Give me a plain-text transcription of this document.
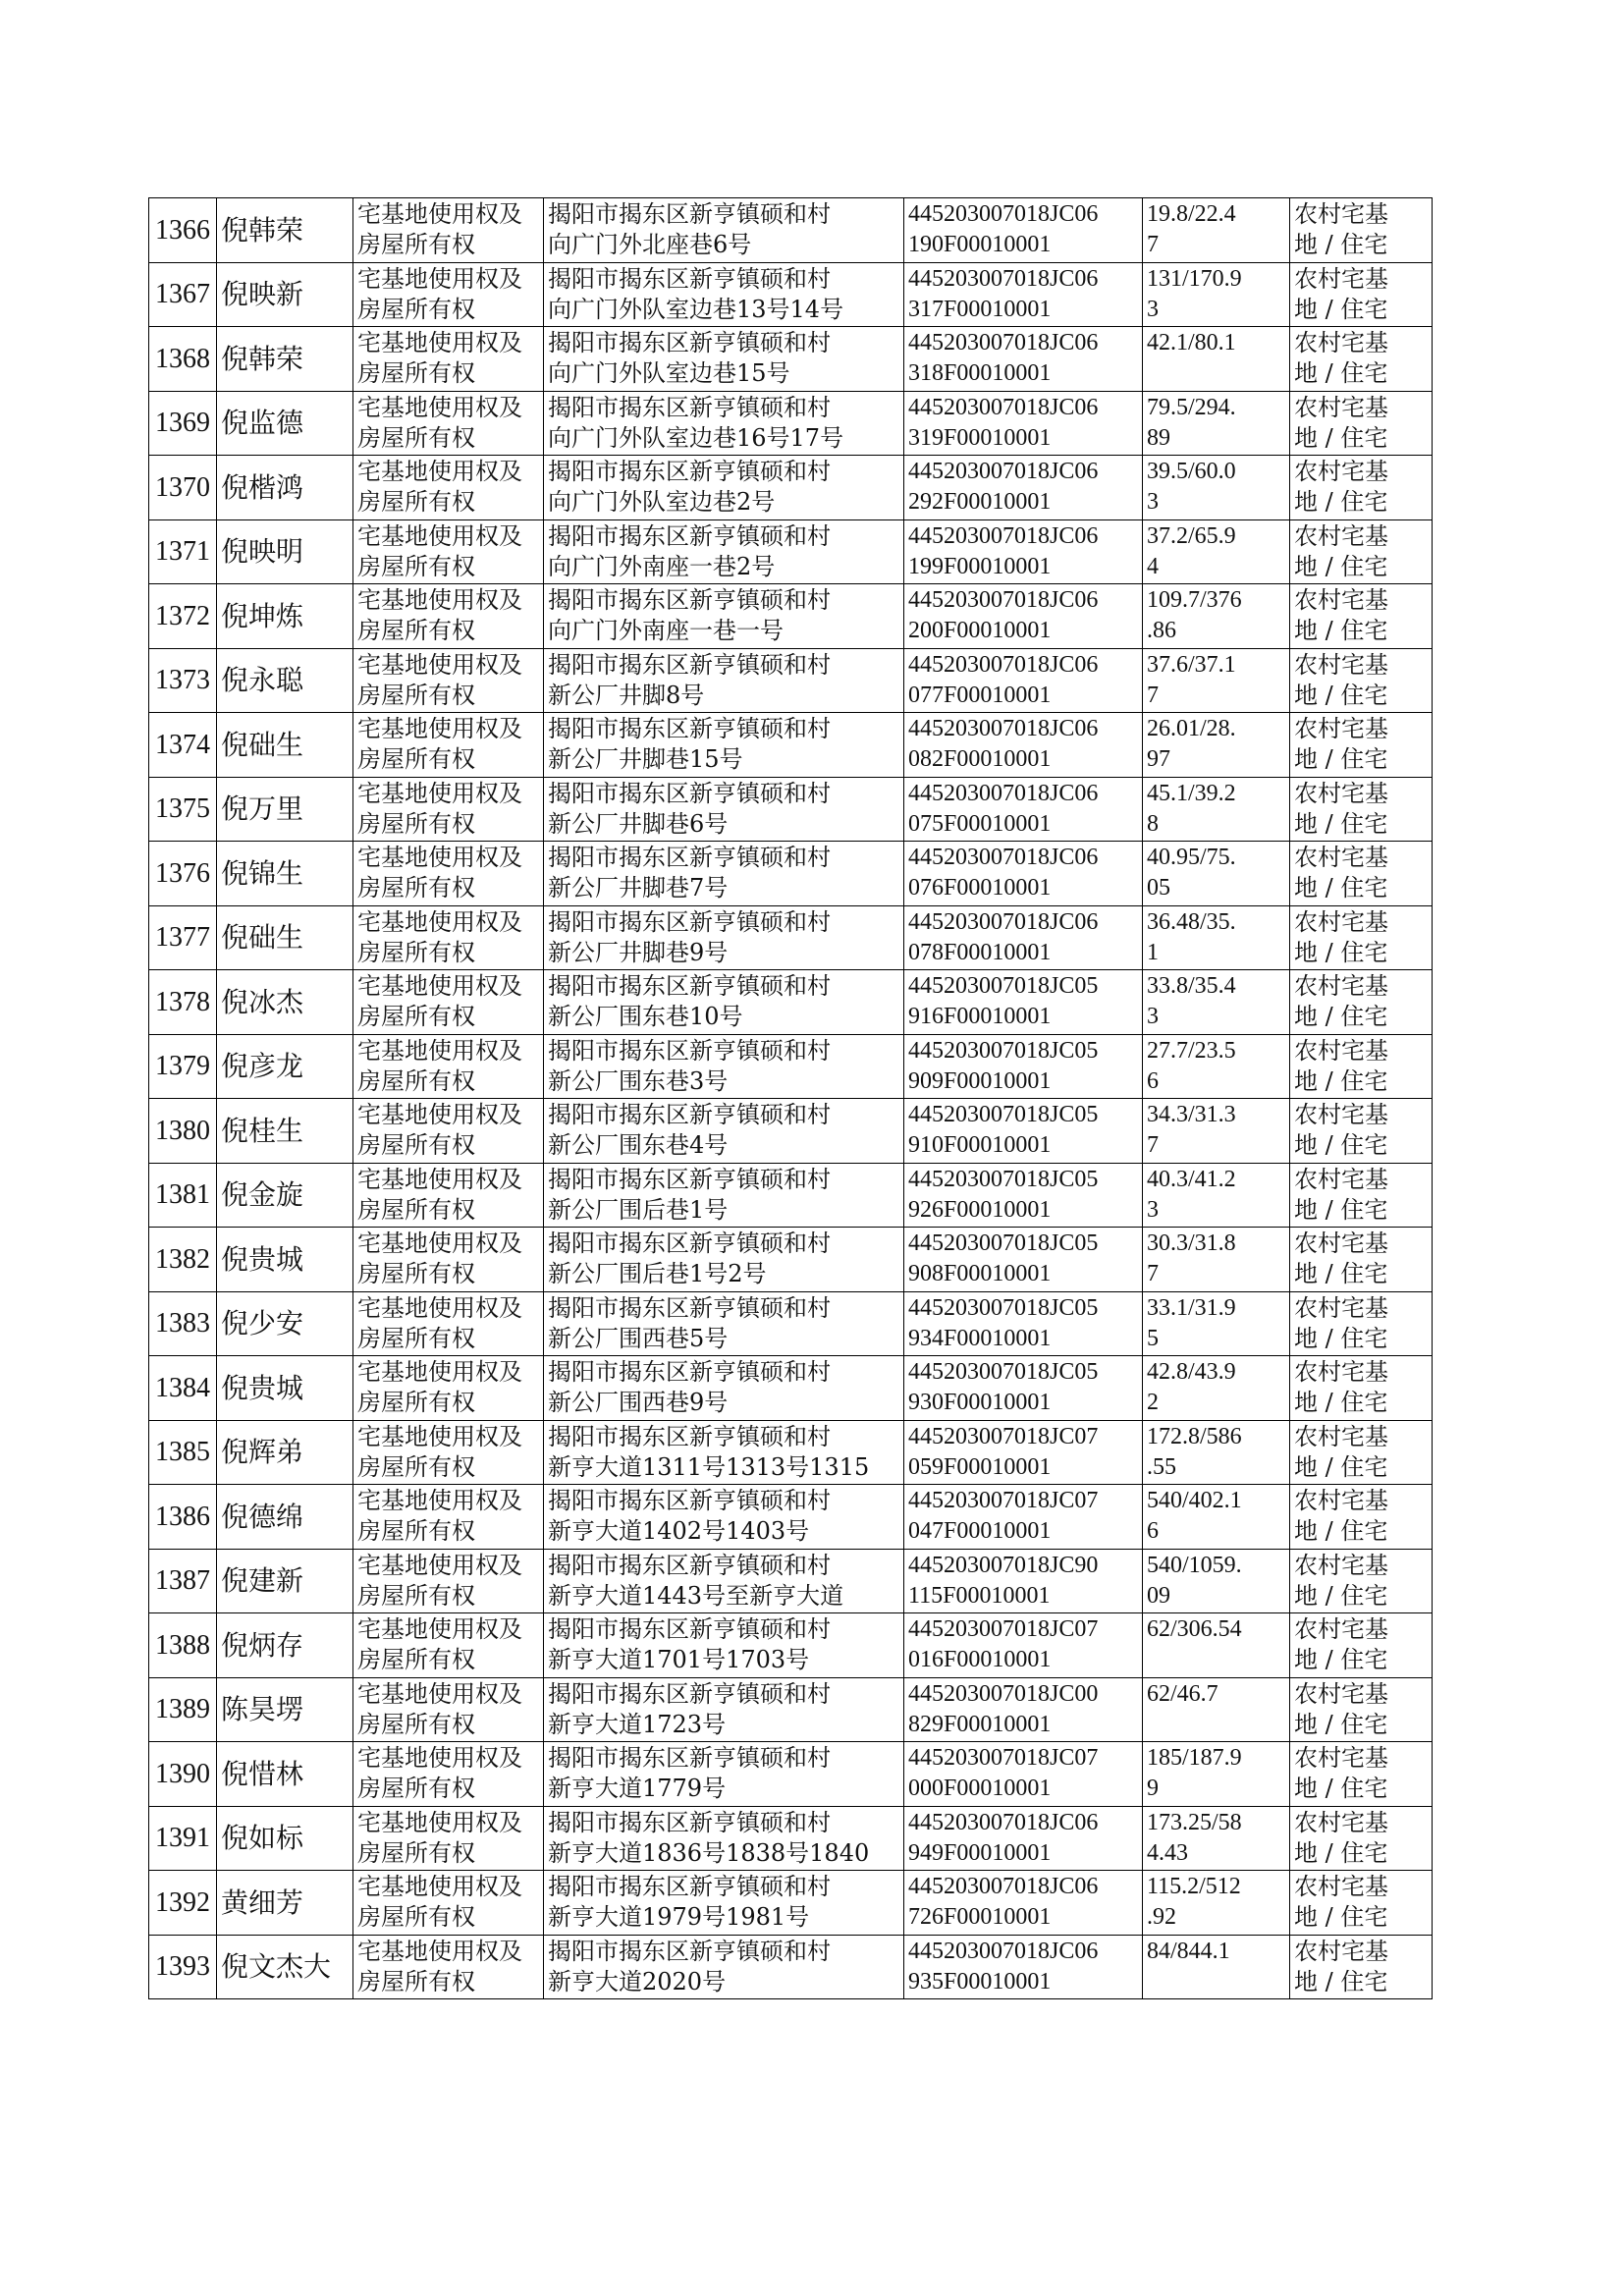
1366	倪韩荣	宅基地使用权及房屋所有权	揭阳市揭东区新亨镇硕和村
向广门外北座巷6号	445203007018JC06
190F00010001	19.8/22.4
7	农村宅基
地 / 住宅

1367	倪映新	宅基地使用权及房屋所有权	揭阳市揭东区新亨镇硕和村
向广门外队室边巷13号14号	445203007018JC06
317F00010001	131/170.9
3	农村宅基
地 / 住宅

1368	倪韩荣	宅基地使用权及房屋所有权	揭阳市揭东区新亨镇硕和村
向广门外队室边巷15号	445203007018JC06
318F00010001	42.1/80.1	农村宅基
地 / 住宅

1369	倪监德	宅基地使用权及房屋所有权	揭阳市揭东区新亨镇硕和村
向广门外队室边巷16号17号	445203007018JC06
319F00010001	79.5/294.
89	农村宅基
地 / 住宅

1370	倪楷鸿	宅基地使用权及房屋所有权	揭阳市揭东区新亨镇硕和村
向广门外队室边巷2号	445203007018JC06
292F00010001	39.5/60.0
3	农村宅基
地 / 住宅

1371	倪映明	宅基地使用权及房屋所有权	揭阳市揭东区新亨镇硕和村
向广门外南座一巷2号	445203007018JC06
199F00010001	37.2/65.9
4	农村宅基
地 / 住宅

1372	倪坤炼	宅基地使用权及房屋所有权	揭阳市揭东区新亨镇硕和村
向广门外南座一巷一号	445203007018JC06
200F00010001	109.7/376
.86	农村宅基
地 / 住宅

1373	倪永聪	宅基地使用权及房屋所有权	揭阳市揭东区新亨镇硕和村
新公厂井脚8号	445203007018JC06
077F00010001	37.6/37.1
7	农村宅基
地 / 住宅

1374	倪础生	宅基地使用权及房屋所有权	揭阳市揭东区新亨镇硕和村
新公厂井脚巷15号	445203007018JC06
082F00010001	26.01/28.
97	农村宅基
地 / 住宅

1375	倪万里	宅基地使用权及房屋所有权	揭阳市揭东区新亨镇硕和村
新公厂井脚巷6号	445203007018JC06
075F00010001	45.1/39.2
8	农村宅基
地 / 住宅

1376	倪锦生	宅基地使用权及房屋所有权	揭阳市揭东区新亨镇硕和村
新公厂井脚巷7号	445203007018JC06
076F00010001	40.95/75.
05	农村宅基
地 / 住宅

1377	倪础生	宅基地使用权及房屋所有权	揭阳市揭东区新亨镇硕和村
新公厂井脚巷9号	445203007018JC06
078F00010001	36.48/35.
1	农村宅基
地 / 住宅

1378	倪冰杰	宅基地使用权及房屋所有权	揭阳市揭东区新亨镇硕和村
新公厂围东巷10号	445203007018JC05
916F00010001	33.8/35.4
3	农村宅基
地 / 住宅

1379	倪彦龙	宅基地使用权及房屋所有权	揭阳市揭东区新亨镇硕和村
新公厂围东巷3号	445203007018JC05
909F00010001	27.7/23.5
6	农村宅基
地 / 住宅

1380	倪桂生	宅基地使用权及房屋所有权	揭阳市揭东区新亨镇硕和村
新公厂围东巷4号	445203007018JC05
910F00010001	34.3/31.3
7	农村宅基
地 / 住宅

1381	倪金旋	宅基地使用权及房屋所有权	揭阳市揭东区新亨镇硕和村
新公厂围后巷1号	445203007018JC05
926F00010001	40.3/41.2
3	农村宅基
地 / 住宅

1382	倪贵城	宅基地使用权及房屋所有权	揭阳市揭东区新亨镇硕和村
新公厂围后巷1号2号	445203007018JC05
908F00010001	30.3/31.8
7	农村宅基
地 / 住宅

1383	倪少安	宅基地使用权及房屋所有权	揭阳市揭东区新亨镇硕和村
新公厂围西巷5号	445203007018JC05
934F00010001	33.1/31.9
5	农村宅基
地 / 住宅

1384	倪贵城	宅基地使用权及房屋所有权	揭阳市揭东区新亨镇硕和村
新公厂围西巷9号	445203007018JC05
930F00010001	42.8/43.9
2	农村宅基
地 / 住宅

1385	倪辉弟	宅基地使用权及房屋所有权	揭阳市揭东区新亨镇硕和村
新亨大道1311号1313号1315	445203007018JC07
059F00010001	172.8/586
.55	农村宅基
地 / 住宅

1386	倪德绵	宅基地使用权及房屋所有权	揭阳市揭东区新亨镇硕和村
新亨大道1402号1403号	445203007018JC07
047F00010001	540/402.1
6	农村宅基
地 / 住宅

1387	倪建新	宅基地使用权及房屋所有权	揭阳市揭东区新亨镇硕和村
新亨大道1443号至新亨大道	445203007018JC90
115F00010001	540/1059.
09	农村宅基
地 / 住宅

1388	倪炳存	宅基地使用权及房屋所有权	揭阳市揭东区新亨镇硕和村
新亨大道1701号1703号	445203007018JC07
016F00010001	62/306.54	农村宅基
地 / 住宅

1389	陈昊塄	宅基地使用权及房屋所有权	揭阳市揭东区新亨镇硕和村
新亨大道1723号	445203007018JC00
829F00010001	62/46.7	农村宅基
地 / 住宅

1390	倪惜林	宅基地使用权及房屋所有权	揭阳市揭东区新亨镇硕和村
新亨大道1779号	445203007018JC07
000F00010001	185/187.9
9	农村宅基
地 / 住宅

1391	倪如标	宅基地使用权及房屋所有权	揭阳市揭东区新亨镇硕和村
新亨大道1836号1838号1840	445203007018JC06
949F00010001	173.25/58
4.43	农村宅基
地 / 住宅

1392	黄细芳	宅基地使用权及房屋所有权	揭阳市揭东区新亨镇硕和村
新亨大道1979号1981号	445203007018JC06
726F00010001	115.2/512
.92	农村宅基
地 / 住宅

1393	倪文杰大	宅基地使用权及房屋所有权	揭阳市揭东区新亨镇硕和村
新亨大道2020号	445203007018JC06
935F00010001	84/844.1	农村宅基
地 / 住宅
